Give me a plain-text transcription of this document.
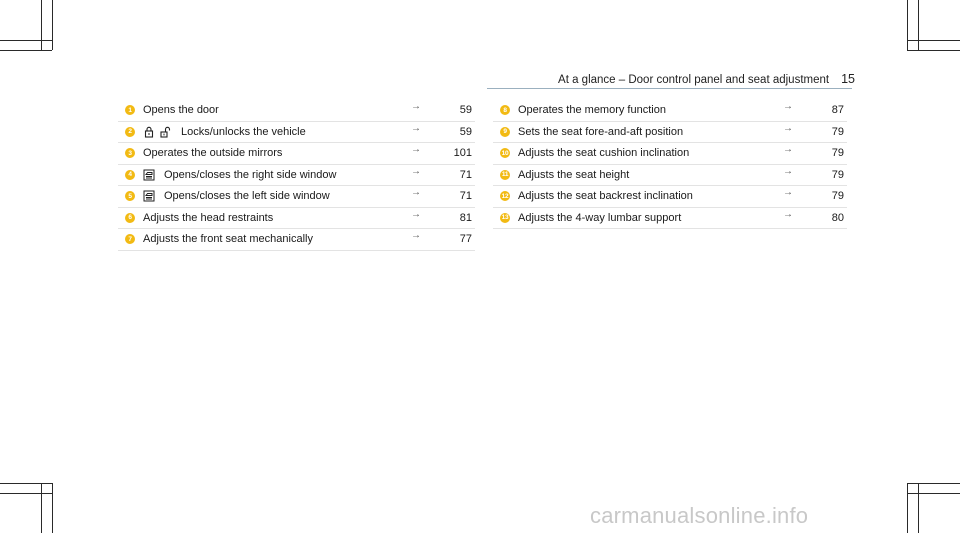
At a glance – Door control panel and seat adjustment 15
1	Opens the door	→	59
2	Locks/unlocks the vehicle	→	59
3	Operates the outside mirrors	→	101
4	Opens/closes the right side window	→	71
5	Opens/closes the left side window	→	71
6	Adjusts the head restraints	→	81
7	Adjusts the front seat mechanically	→	77
8	Operates the memory function	→	87
9	Sets the seat fore-and-aft position	→	79
10 Adjusts the seat cushion inclination	→	79
11 Adjusts the seat height	→	79
12 Adjusts the seat backrest inclination	→	79
13 Adjusts the 4-way lumbar support	→	80
carmanualsonline.info
